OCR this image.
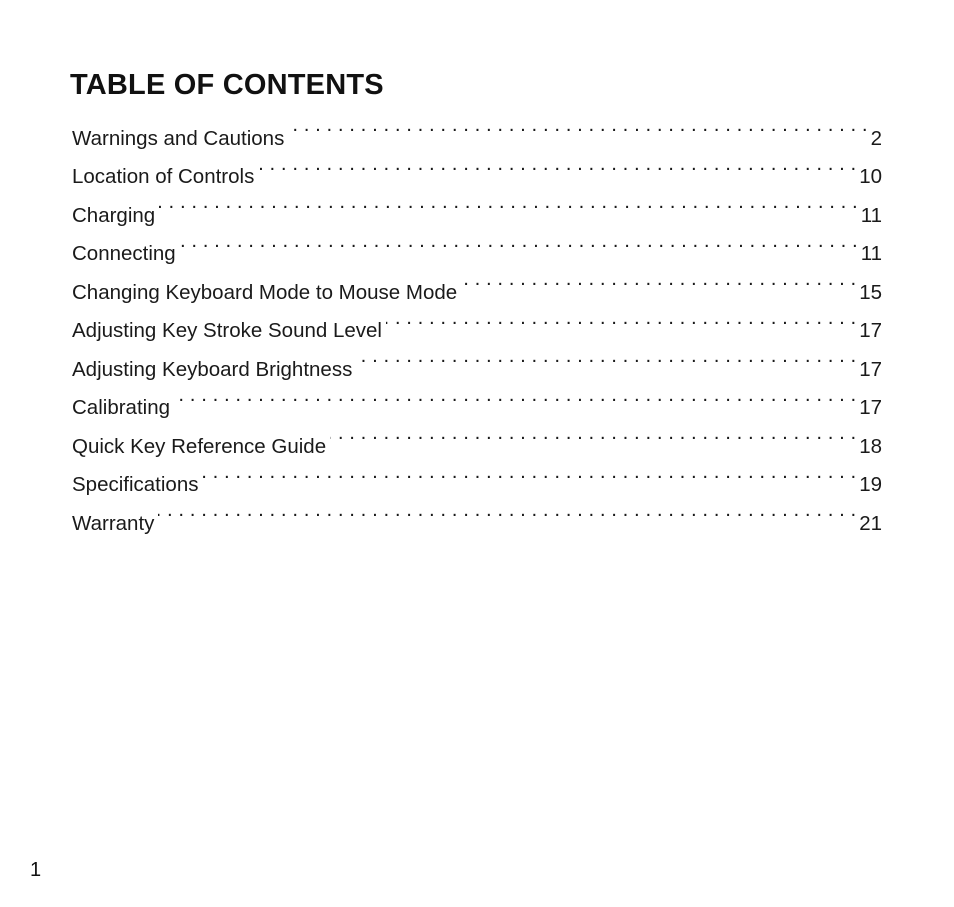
TABLE OF CONTENTS
Warnings and Cautions . . .	2
Location of Controls . . .	10
Charging . . .	11
Connecting . . .	11
Changing Keyboard Mode to Mouse Mode . . .	15
Adjusting Key Stroke Sound Level . . .	17
Adjusting Keyboard Brightness . . .	17
Calibrating . . .	17
Quick Key Reference Guide . . .	18
Specifications . . .	19
Warranty . . .	21
1
